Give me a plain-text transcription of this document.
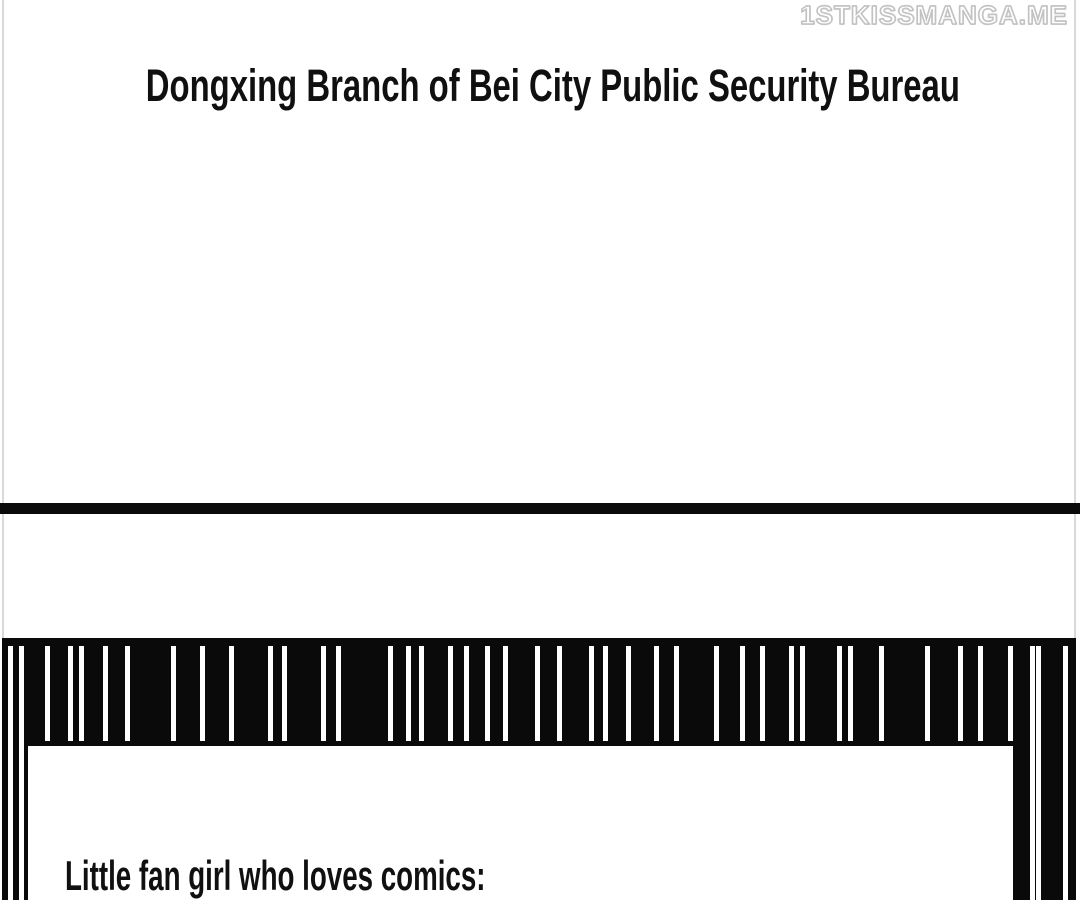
1STKISSMANGA.ME
Dongxing Branch of Bei City Public Security Bureau
Little fan girl who loves comics:
